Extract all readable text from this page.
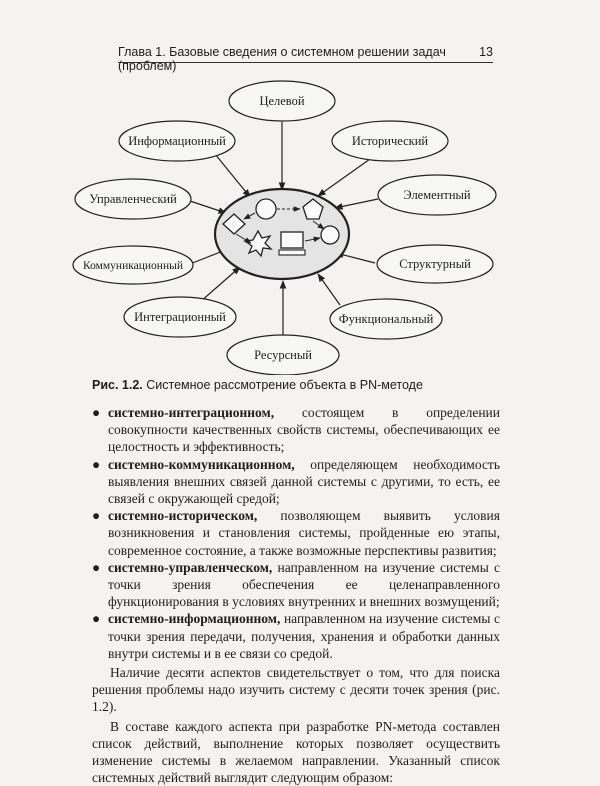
Глава 1. Базовые сведения о системном решении задач (проблем)
13
Целевой
Исторический
Элементный
Структурный
Функциональный
Ресурсный
Интеграционный
Коммуникационный
Управленческий
Информационный
Рис. 1.2. Системное рассмотрение объекта в PN-методе
● системно-интеграционном, состоящем в определении совокупности качественных свойств системы, обеспечивающих ее целостность и эффективность;
● системно-коммуникационном, определяющем необходимость выявления внешних связей данной системы с другими, то есть, ее связей с окружающей средой;
● системно-историческом, позволяющем выявить условия возникновения и становления системы, пройденные ею этапы, современное состояние, а также возможные перспективы развития;
● системно-управленческом, направленном на изучение системы с точки зрения обеспечения ее целенаправленного функционирования в условиях внутренних и внешних возмущений;
● системно-информационном, направленном на изучение системы с точки зрения передачи, получения, хранения и обработки данных внутри системы и в ее связи со средой.

Наличие десяти аспектов свидетельствует о том, что для поиска решения проблемы надо изучить систему с десяти точек зрения (рис. 1.2).

В составе каждого аспекта при разработке PN-метода составлен список действий, выполнение которых позволяет осуществить изменение системы в желаемом направлении. Указанный список системных действий выглядит следующим образом:
